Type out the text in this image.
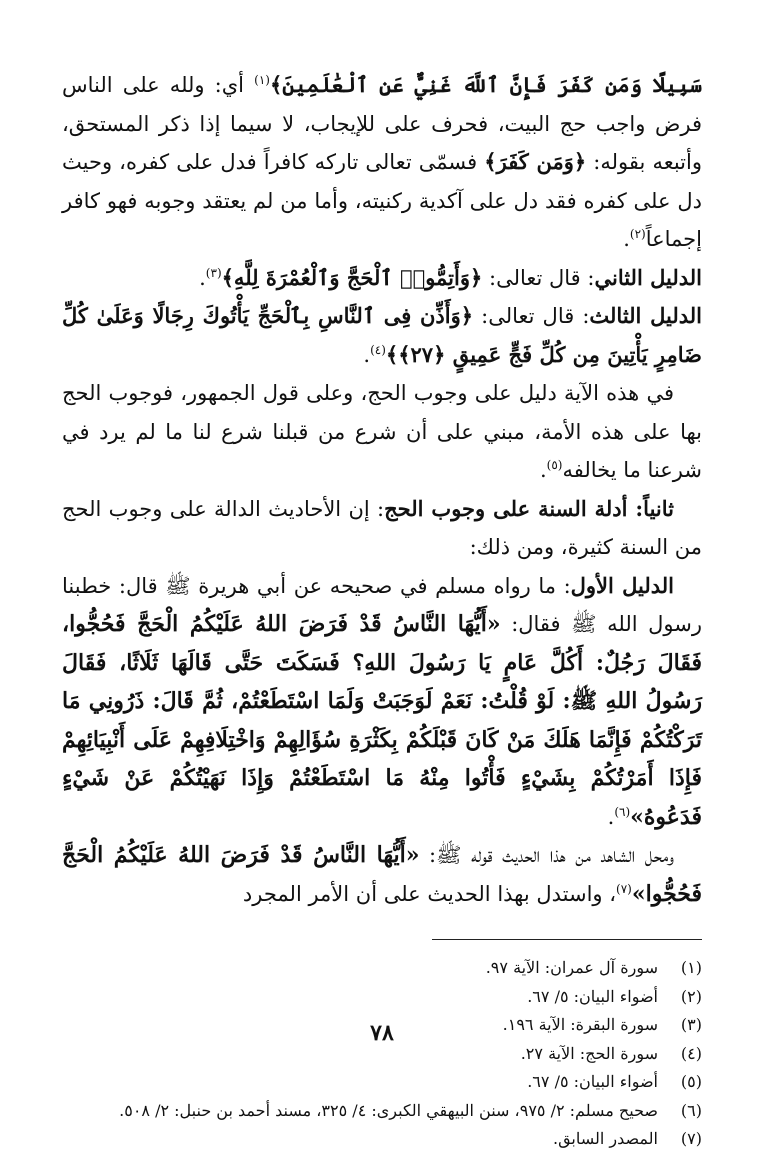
سَبِيلًا وَمَن كَفَرَ فَإِنَّ ٱللَّهَ غَنِيٌّ عَنِ ٱلْعَٰلَمِينَ﴾$^{(١)}$ أي: ولله على الناس فرض واجب حج البيت، فحرف على للإيجاب، لا سيما إذا ذكر المستحق، وأتبعه بقوله: ﴿وَمَن كَفَرَ﴾ فسمّى تعالى تاركه كافراً فدل على كفره، وحيث دل على كفره فقد دل على آكدية ركنيته، وأما من لم يعتقد وجوبه فهو كافر إجماعاً$^{(٢)}$.

الدليل الثاني: قال تعالى: ﴿وَأَتِمُّوا۟ ٱلْحَجَّ وَٱلْعُمْرَةَ لِلَّهِ﴾$^{(٣)}$.

الدليل الثالث: قال تعالى: ﴿وَأَذِّن فِى ٱلنَّاسِ بِٱلْحَجِّ يَأْتُوكَ رِجَالًا وَعَلَىٰ كُلِّ ضَامِرٍ يَأْتِينَ مِن كُلِّ فَجٍّ عَمِيقٍ ﴿٢٧﴾﴾$^{(٤)}$.

في هذه الآية دليل على وجوب الحج، وعلى قول الجمهور، فوجوب الحج بها على هذه الأمة، مبني على أن شرع من قبلنا شرع لنا ما لم يرد في شرعنا ما يخالفه$^{(٥)}$.

ثانياً: أدلة السنة على وجوب الحج: إن الأحاديث الدالة على وجوب الحج من السنة كثيرة، ومن ذلك:

الدليل الأول: ما رواه مسلم في صحيحه عن أبي هريرة ﷺ قال: خطبنا رسول الله ﷺ فقال: «أَيُّهَا النَّاسُ قَدْ فَرَضَ اللهُ عَلَيْكُمُ الْحَجَّ فَحُجُّوا، فَقَالَ رَجُلٌ: أَكُلَّ عَامٍ يَا رَسُولَ اللهِ؟ فَسَكَتَ حَتَّى قَالَهَا ثَلَاثًا، فَقَالَ رَسُولُ اللهِ ﷺ: لَوْ قُلْتُ: نَعَمْ لَوَجَبَتْ وَلَمَا اسْتَطَعْتُمْ، ثُمَّ قَالَ: ذَرُونِي مَا تَرَكْتُكُمْ فَإِنَّمَا هَلَكَ مَنْ كَانَ قَبْلَكُمْ بِكَثْرَةِ سُؤَالِهِمْ وَاخْتِلَافِهِمْ عَلَى أَنْبِيَائِهِمْ فَإِذَا أَمَرْتُكُمْ بِشَيْءٍ فَأْتُوا مِنْهُ مَا اسْتَطَعْتُمْ وَإِذَا نَهَيْتُكُمْ عَنْ شَيْءٍ فَدَعُوهُ»$^{(٦)}$.

ومحل الشاهد من هذا الحديث قوله ﷺ: «أَيُّهَا النَّاسُ قَدْ فَرَضَ اللهُ عَلَيْكُمُ الْحَجَّ فَحُجُّوا»$^{(٧)}$، واستدل بهذا الحديث على أن الأمر المجرد

(١)
سورة آل عمران: الآية ٩٧.
(٢)
أضواء البيان: ٥/ ٦٧.
(٣)
سورة البقرة: الآية ١٩٦.
(٤)
سورة الحج: الآية ٢٧.
(٥)
أضواء البيان: ٥/ ٦٧.
(٦)
صحيح مسلم: ٢/ ٩٧٥، سنن البيهقي الكبرى: ٤/ ٣٢٥، مسند أحمد بن حنبل: ٢/ ٥٠٨.
(٧)
المصدر السابق.
٧٨
